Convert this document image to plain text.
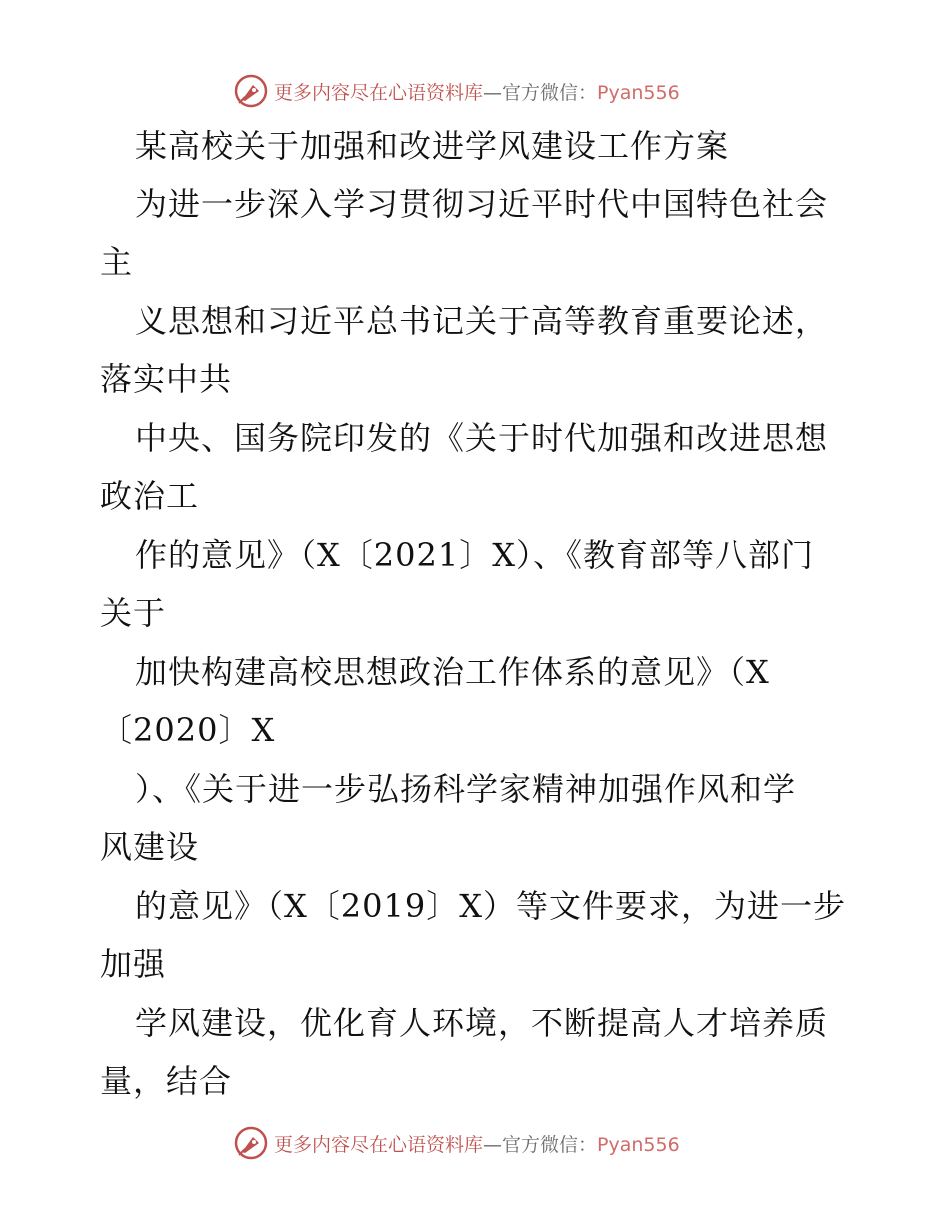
更多内容尽在心语资料库—官方微信：Pyan556
某高校关于加强和改进学风建设工作方案
为进一步深入学习贯彻习近平时代中国特色社会
主
义思想和习近平总书记关于高等教育重要论述，
落实中共
中央、国务院印发的《关于时代加强和改进思想
政治工
作的意见》（X〔2021〕X）、《教育部等八部门
关于
加快构建高校思想政治工作体系的意见》（X
〔2020〕X
）、《关于进一步弘扬科学家精神加强作风和学
风建设
的意见》（X〔2019〕X）等文件要求，为进一步
加强
学风建设，优化育人环境，不断提高人才培养质
量，结合
更多内容尽在心语资料库—官方微信：Pyan556
